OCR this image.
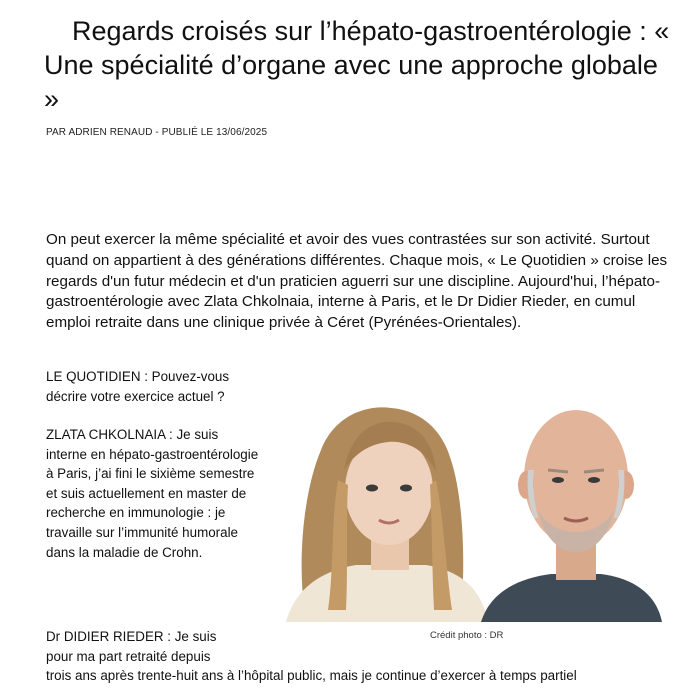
Regards croisés sur l’hépato-gastroentérologie : « Une spécialité d’organe avec une approche globale »
PAR ADRIEN RENAUD - PUBLIÉ LE 13/06/2025

On peut exercer la même spécialité et avoir des vues contrastées sur son activité. Surtout quand on appartient à des générations différentes. Chaque mois, « Le Quotidien » croise les regards d'un futur médecin et d'un praticien aguerri sur une discipline. Aujourd'hui, l’hépato-gastroentérologie avec Zlata Chkolnaia, interne à Paris, et le Dr Didier Rieder, en cumul emploi retraite dans une clinique privée à Céret (Pyrénées-Orientales).

LE QUOTIDIEN : Pouvez-vous décrire votre exercice actuel ?

ZLATA CHKOLNAIA : Je suis interne en hépato-gastroentérologie à Paris, j’ai fini le sixième semestre et suis actuellement en master de recherche en immunologie : je travaille sur l’immunité humorale dans la maladie de Crohn.

Crédit photo : DR

Dr DIDIER RIEDER : Je suis
pour ma part retraité depuis
trois ans après trente-huit ans à l’hôpital public, mais je continue d’exercer à temps partiel
